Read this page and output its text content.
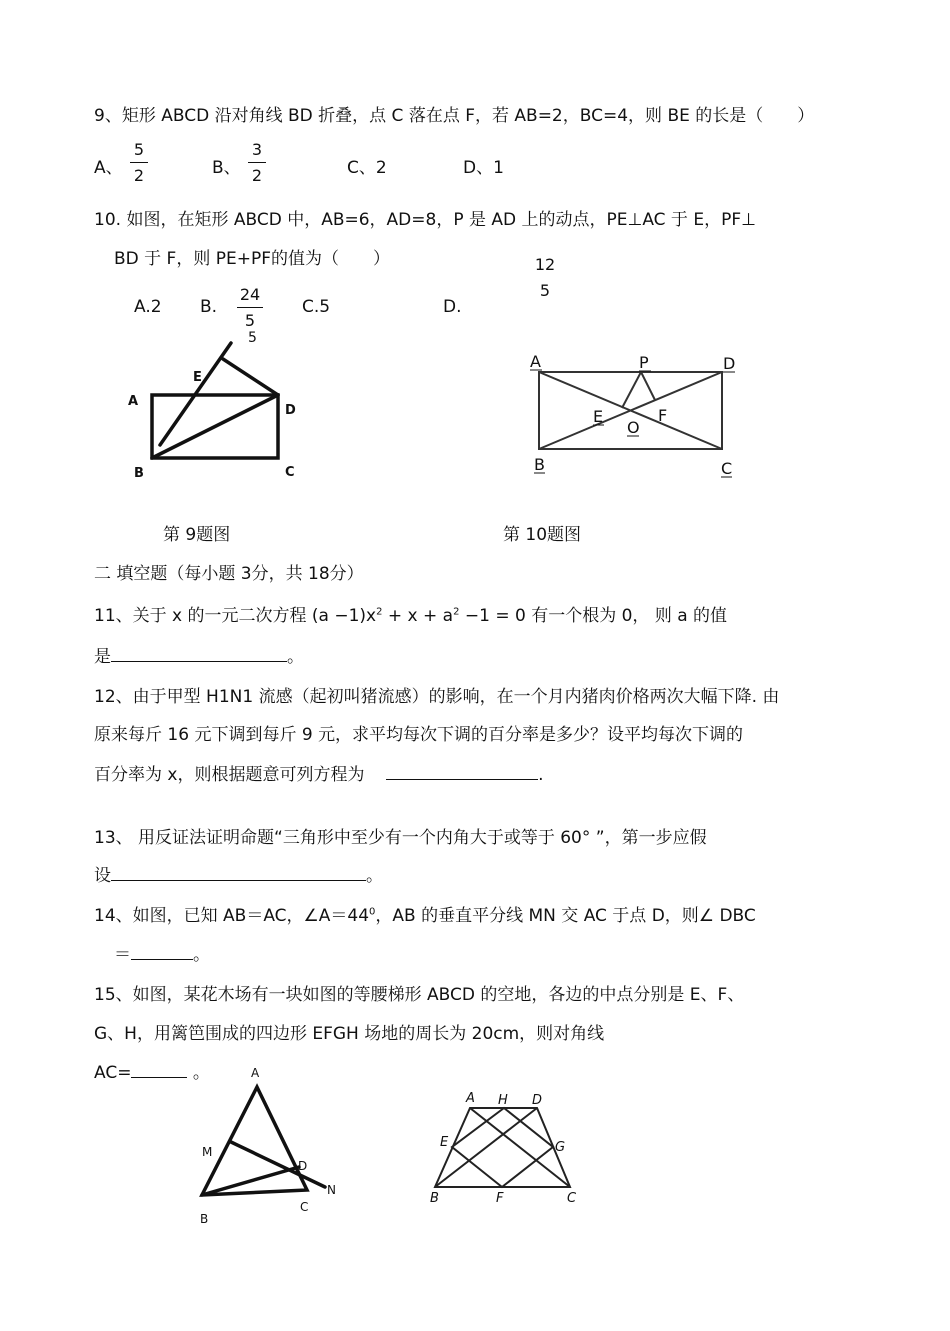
9、矩形 ABCD 沿对角线 BD 折叠，点 C 落在点 F，若 AB=2，BC=4，则 BE 的长是（　　）
A、
5
2	B、
3
2	C、2	D、1
10. 如图，在矩形 ABCD 中，AB=6，AD=8，P 是 AD 上的动点，PE⊥AC 于 E，PF⊥
BD 于 F，则 PE+PF的值为（　　）	12
5
A.2 B.
24
5
C.5	D.
5
A
B	C
D
E
A	P	D
E	F
O
B	C
第 9题图	第 10题图
二 填空题（每小题 3分，共 18分）
11、关于 x 的一元二次方程 $(a -1)x^2 + x + a^2 -1 = 0$ 有一个根为 0， 则 a 的值
是	。
12、由于甲型 H1N1 流感（起初叫猪流感）的影响，在一个月内猪肉价格两次大幅下降. 由
原来每斤 16 元下调到每斤 9 元，求平均每次下调的百分率是多少？设平均每次下调的
百分率为 x，则根据题意可列方程为	.
13、 用反证法证明命题“三角形中至少有一个内角大于或等于 60° ”，第一步应假
设	。
14、如图，已知 AB＝AC，$\angle A=44^0$，AB 的垂直平分线 MN 交 AC 于点 D，则∠ DBC
＝	。
15、如图，某花木场有一块如图的等腰梯形 ABCD 的空地，各边的中点分别是 E、F、
G、H，用篱笆围成的四边形 EFGH 场地的周长为 20cm，则对角线
AC=	。	A
M
D
N
B
C
A H D
E	G
B	F	C
